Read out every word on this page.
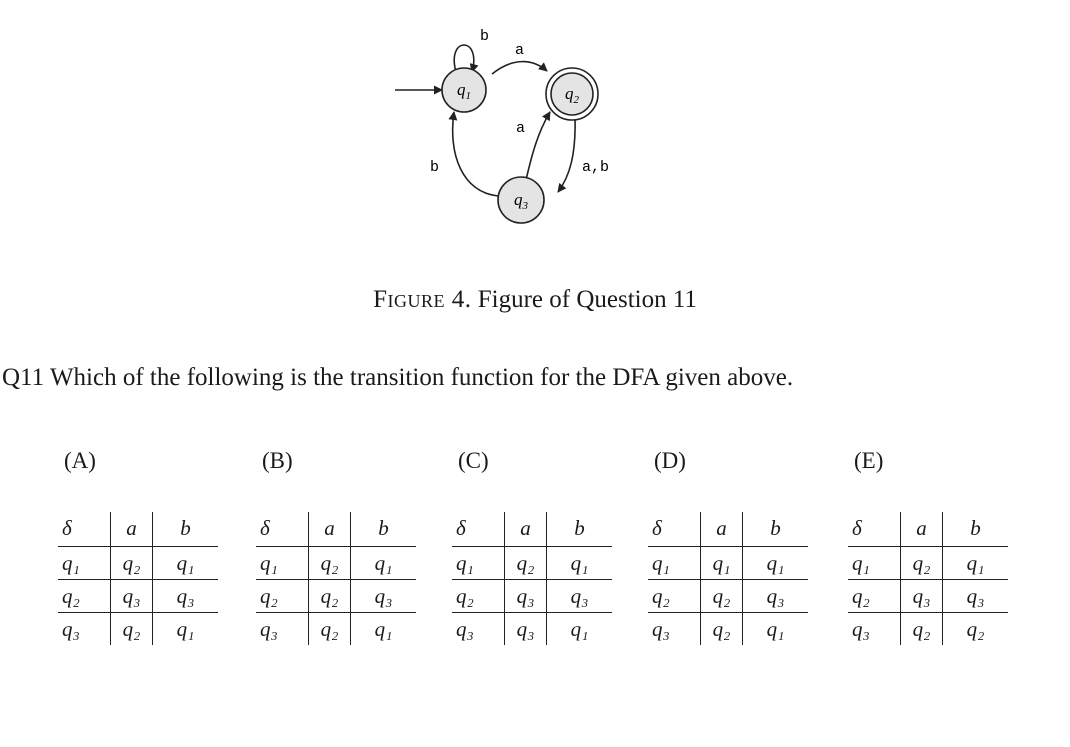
$q_1$	$q_2$
$q_3$
b
a
a
a,b
b
Figure 4. Figure of Question 11
Q11 Which of the following is the transition function for the DFA given above.
(A)
δ	a	b
q₁	q₂	q₁
q₂	q₃	q₃
q₃	q₂	q₁
(B)
δ	a	b
q₁	q₂	q₁
q₂	q₂	q₃
q₃	q₂	q₁
(C)
δ	a	b
q₁	q₂	q₁
q₂	q₃	q₃
q₃	q₃	q₁
(D)
δ	a	b
q₁	q₁	q₁
q₂	q₂	q₃
q₃	q₂	q₁
(E)
δ	a	b
q₁	q₂	q₁
q₂	q₃	q₃
q₃	q₂	q₂
